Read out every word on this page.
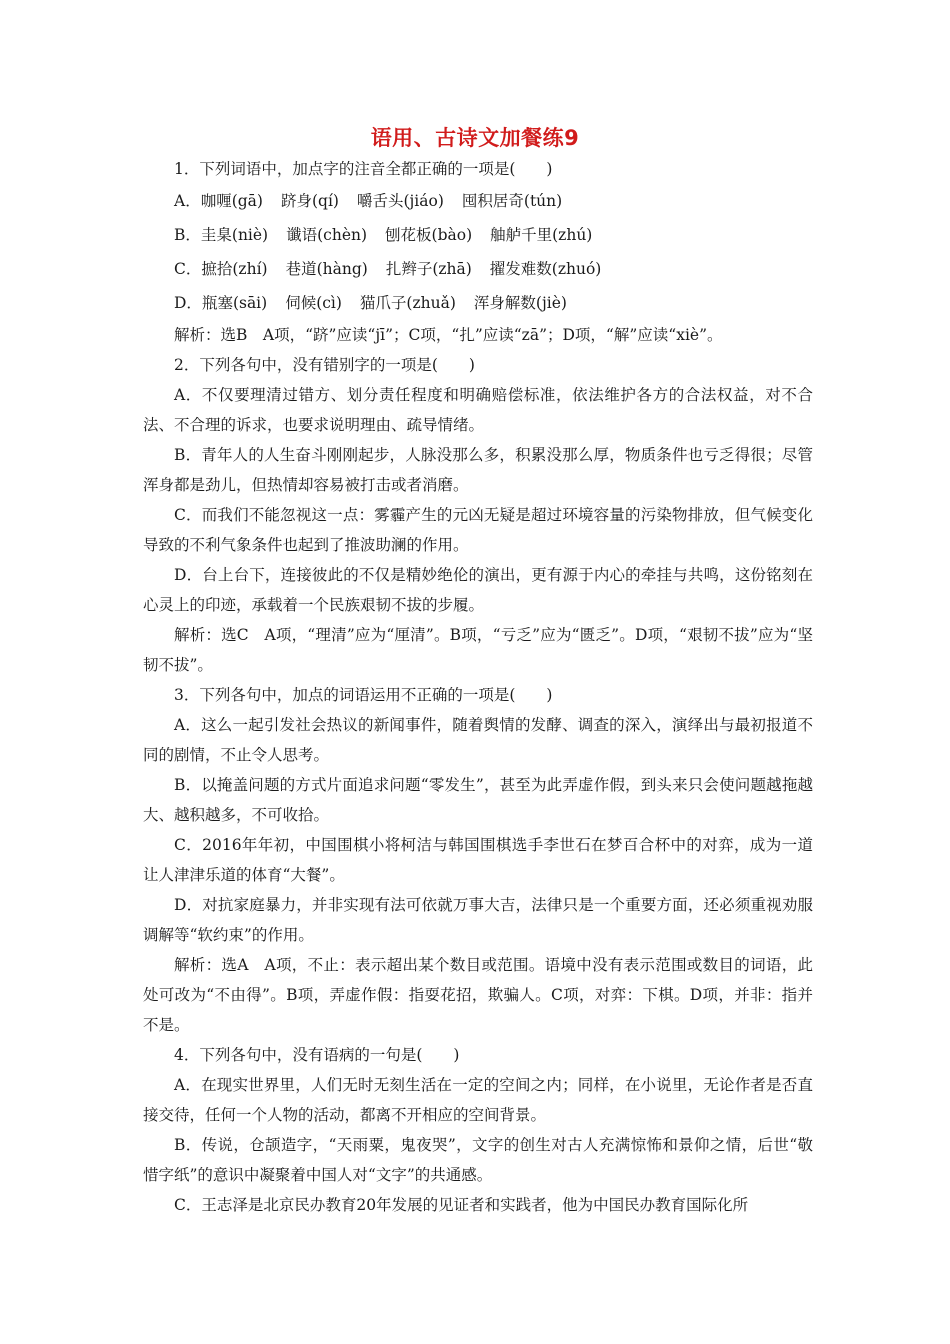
语用、古诗文加餐练9

1．下列词语中，加点字的注音全都正确的一项是(　　)

A．咖喱(gā) 跻身(qí) 嚼舌头(jiáo) 囤积居奇(tún)

B．圭臬(niè) 谶语(chèn) 刨花板(bào) 舳舻千里(zhú)

C．摭拾(zhí) 巷道(hàng) 扎辫子(zhā) 擢发难数(zhuó)

D．瓶塞(sāi) 伺候(cì) 猫爪子(zhuǎ) 浑身解数(jiè)

解析：选B　A项，“跻”应读“jī”；C项，“扎”应读“zā”；D项，“解”应读“xiè”。

2．下列各句中，没有错别字的一项是(　　)

A．不仅要理清过错方、划分责任程度和明确赔偿标准，依法维护各方的合法权益，对不合法、不合理的诉求，也要求说明理由、疏导情绪。

B．青年人的人生奋斗刚刚起步，人脉没那么多，积累没那么厚，物质条件也亏乏得很；尽管浑身都是劲儿，但热情却容易被打击或者消磨。

C．而我们不能忽视这一点：雾霾产生的元凶无疑是超过环境容量的污染物排放，但气候变化导致的不利气象条件也起到了推波助澜的作用。

D．台上台下，连接彼此的不仅是精妙绝伦的演出，更有源于内心的牵挂与共鸣，这份铭刻在心灵上的印迹，承载着一个民族艰韧不拔的步履。

解析：选C　A项，“理清”应为“厘清”。B项，“亏乏”应为“匮乏”。D项，“艰韧不拔”应为“坚韧不拔”。

3．下列各句中，加点的词语运用不正确的一项是(　　)

A．这么一起引发社会热议的新闻事件，随着舆情的发酵、调查的深入，演绎出与最初报道不同的剧情，不止令人思考。

B．以掩盖问题的方式片面追求问题“零发生”，甚至为此弄虚作假，到头来只会使问题越拖越大、越积越多，不可收拾。

C．2016年年初，中国围棋小将柯洁与韩国围棋选手李世石在梦百合杯中的对弈，成为一道让人津津乐道的体育“大餐”。

D．对抗家庭暴力，并非实现有法可依就万事大吉，法律只是一个重要方面，还必须重视劝服调解等“软约束”的作用。

解析：选A　A项，不止：表示超出某个数目或范围。语境中没有表示范围或数目的词语，此处可改为“不由得”。B项，弄虚作假：指耍花招，欺骗人。C项，对弈：下棋。D项，并非：指并不是。

4．下列各句中，没有语病的一句是(　　)

A．在现实世界里，人们无时无刻生活在一定的空间之内；同样，在小说里，无论作者是否直接交待，任何一个人物的活动，都离不开相应的空间背景。

B．传说，仓颉造字，“天雨粟，鬼夜哭”，文字的创生对古人充满惊怖和景仰之情，后世“敬惜字纸”的意识中凝聚着中国人对“文字”的共通感。

C．王志泽是北京民办教育20年发展的见证者和实践者，他为中国民办教育国际化所
